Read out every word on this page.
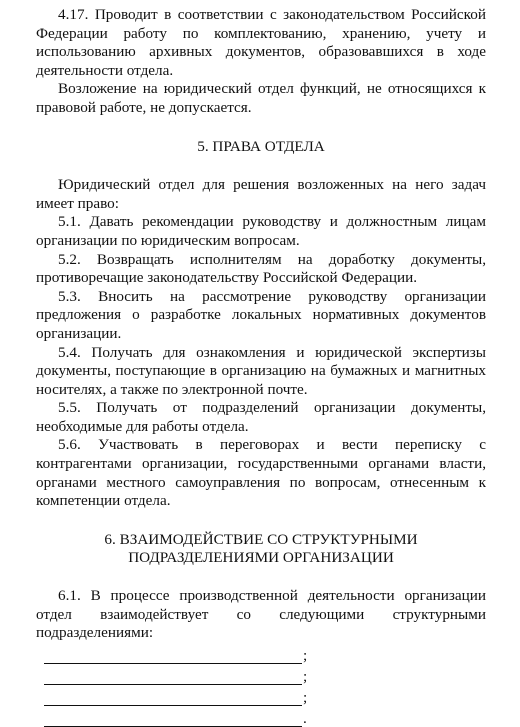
4.17. Проводит в соответствии с законодательством Российской Федерации работу по комплектованию, хранению, учету и использованию архивных документов, образовавшихся в ходе деятельности отдела.

Возложение на юридический отдел функций, не относящихся к правовой работе, не допускается.

5. ПРАВА ОТДЕЛА

Юридический отдел для решения возложенных на него задач имеет право:

5.1. Давать рекомендации руководству и должностным лицам организации по юридическим вопросам.

5.2. Возвращать исполнителям на доработку документы, противоречащие законодательству Российской Федерации.

5.3. Вносить на рассмотрение руководству организации предложения о разработке локальных нормативных документов организации.

5.4. Получать для ознакомления и юридической экспертизы документы, поступающие в организацию на бумажных и магнитных носителях, а также по электронной почте.

5.5. Получать от подразделений организации документы, необходимые для работы отдела.

5.6. Участвовать в переговорах и вести переписку с контрагентами организации, государственными органами власти, органами местного самоуправления по вопросам, отнесенным к компетенции отдела.

6. ВЗАИМОДЕЙСТВИЕ СО СТРУКТУРНЫМИ
ПОДРАЗДЕЛЕНИЯМИ ОРГАНИЗАЦИИ

6.1. В процессе производственной деятельности организации отдел взаимодействует со следующими структурными подразделениями:

;
;
;
.
